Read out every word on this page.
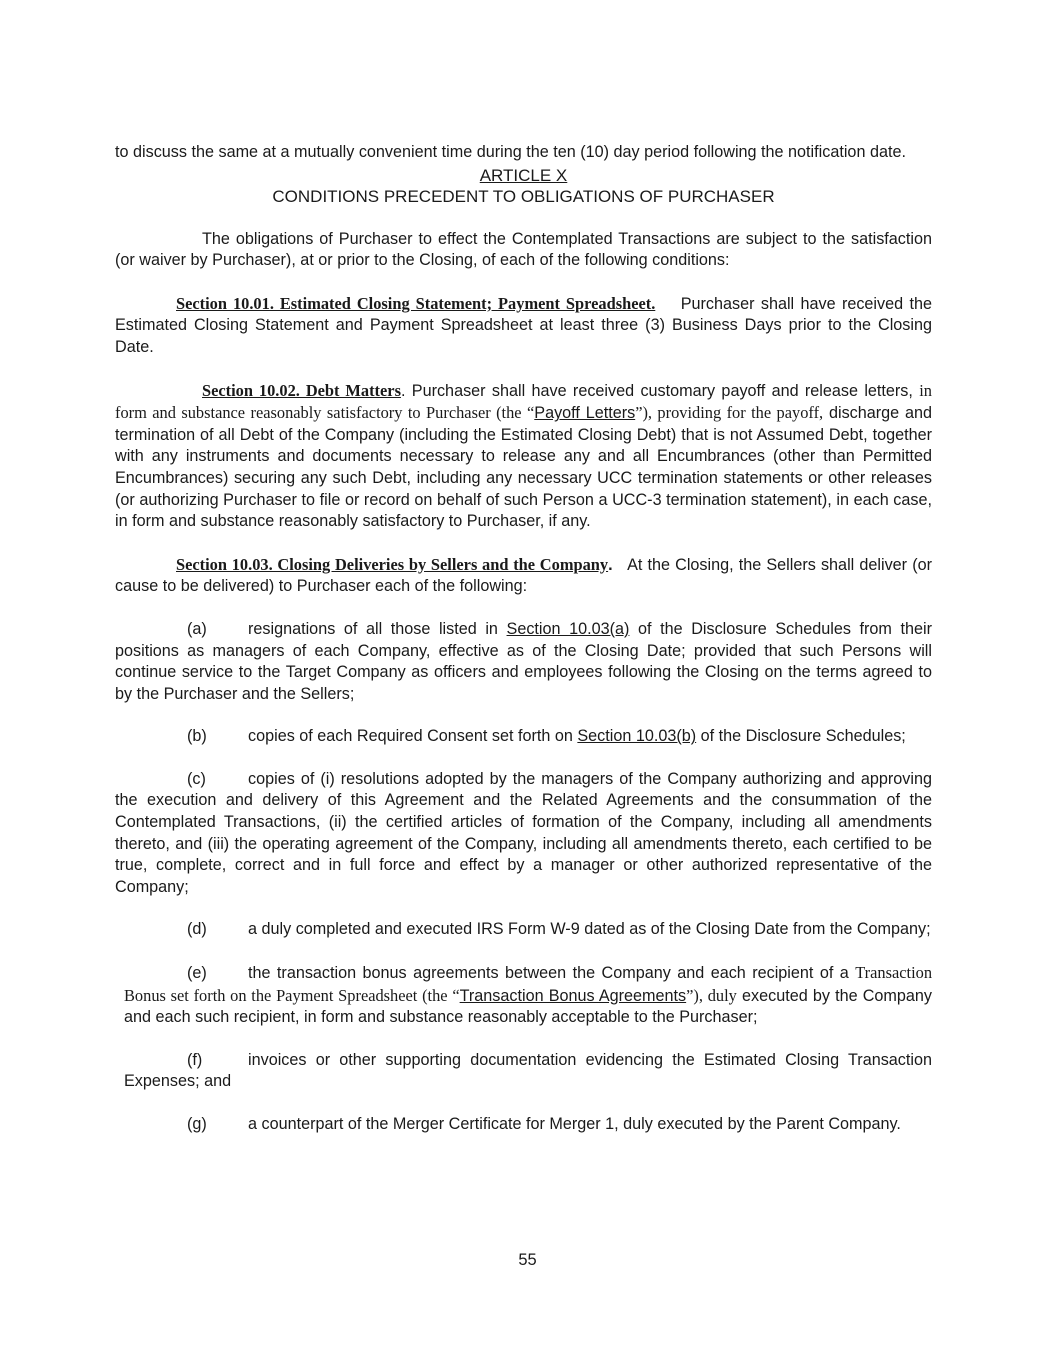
to discuss the same at a mutually convenient time during the ten (10) day period following the notification date.

ARTICLE X
CONDITIONS PRECEDENT TO OBLIGATIONS OF PURCHASER

The obligations of Purchaser to effect the Contemplated Transactions are subject to the satisfaction (or waiver by Purchaser), at or prior to the Closing, of each of the following conditions:

Section 10.01. Estimated Closing Statement; Payment Spreadsheet. Purchaser shall have received the Estimated Closing Statement and Payment Spreadsheet at least three (3) Business Days prior to the Closing Date.

Section 10.02. Debt Matters. Purchaser shall have received customary payoff and release letters, in form and substance reasonably satisfactory to Purchaser (the “Payoff Letters”), providing for the payoff, discharge and termination of all Debt of the Company (including the Estimated Closing Debt) that is not Assumed Debt, together with any instruments and documents necessary to release any and all Encumbrances (other than Permitted Encumbrances) securing any such Debt, including any necessary UCC termination statements or other releases (or authorizing Purchaser to file or record on behalf of such Person a UCC-3 termination statement), in each case, in form and substance reasonably satisfactory to Purchaser, if any.

Section 10.03. Closing Deliveries by Sellers and the Company. At the Closing, the Sellers shall deliver (or cause to be delivered) to Purchaser each of the following:

(a)	resignations of all those listed in Section 10.03(a) of the Disclosure Schedules from their positions as managers of each Company, effective as of the Closing Date; provided that such Persons will continue service to the Target Company as officers and employees following the Closing on the terms agreed to by the Purchaser and the Sellers;

(b)	copies of each Required Consent set forth on Section 10.03(b) of the Disclosure Schedules;

(c)	copies of (i) resolutions adopted by the managers of the Company authorizing and approving the execution and delivery of this Agreement and the Related Agreements and the consummation of the Contemplated Transactions, (ii) the certified articles of formation of the Company, including all amendments thereto, and (iii) the operating agreement of the Company, including all amendments thereto, each certified to be true, complete, correct and in full force and effect by a manager or other authorized representative of the Company;

(d)	a duly completed and executed IRS Form W-9 dated as of the Closing Date from the Company;

(e)	the transaction bonus agreements between the Company and each recipient of a Transaction Bonus set forth on the Payment Spreadsheet (the “Transaction Bonus Agreements”), duly executed by the Company and each such recipient, in form and substance reasonably acceptable to the Purchaser;

(f)	invoices or other supporting documentation evidencing the Estimated Closing Transaction Expenses; and

(g)	a counterpart of the Merger Certificate for Merger 1, duly executed by the Parent Company.

55
